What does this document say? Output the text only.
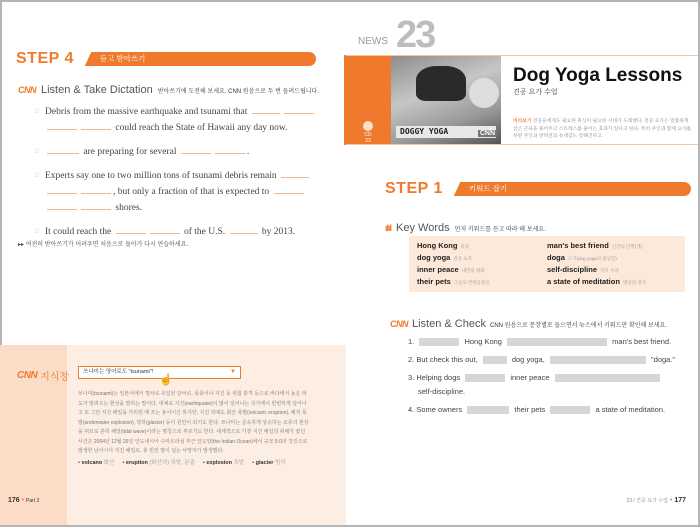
STEP 4	듣고 받아쓰기
CNN Listen & Take Dictation 받아쓰기에 도전해 보세요. CNN 원음으로 두 번 들려드립니다.
□ Debris from the massive earthquake and tsunami that
could reach the State of Hawaii any day now.
□ are preparing for several	.
□ Experts say one to two million tons of tsunami debris remain
, but only a fraction of that is expected to
shores.
□ It could reach the	of the U.S.	by 2013.
▸▸ 여전히 받아쓰기가 어려우면 처음으로 돌아가 다시 연습하세요.
CNN 지식창	쓰나미는 영어로도 "tsunami"!	▼
☝
쓰나미(tsunami)는 일본어에서 명사로 유입된 단어로, 폭풍이나 지진 등 위험 충격 등으로 바다에서 높은 파도가 밀려오는 현상을 말하는 말이다. 대체로 지진(earthquake)이 많이 일어나는 국가에서 빈번하게 일어나고 또 그런 지진 해일을 가리킬 때 쓰는 용어이긴 하지만, 지진 외에도 화산 폭발(volcanic eruption), 해저 폭발(underwater explosion), 빙하(glacier) 등이 원인이 되기도 한다. 쓰나미는 급속하게 상승하는 조류의 현상을 띠므로 흔히 해일(tidal wave)이라는 명칭으로 부르기도 한다. 세계적으로 가장 지진 해일의 피해가 컸던 사건은 2004년 12월 26일 인도네시아 수마트라섬 부근 인도양(the Indian Ocean)에서 규모 9.0의 강진으로 발생한 남아시아 지진 해일로, 총 빈민 명이 넘는 사망자가 발생했다.
• volcano 화산 • eruption (화산의) 폭발, 분출 • explosion 폭발 • glacier 빙하
176 • Part 2
NEWS 23
CD 23
DOGGY YOGA	CNN
Dog Yoga Lessons
견공 요가 수업
미리보기 견공들에게도 필요한 휴식이 필요한 시대가 도래했다. 견공 요가는 맞춤하게 굳은 근육을 풀어주고 스트레스를 줄이는 효과가 있다고 한다. 특히 주인과 함께 요가를 하면 주인과 반려견의 유대감도 강해진다고.
STEP 1	키워드 잡기
ılıl Key Words 먼저 키워드를 듣고 따라 해 보세요.
Hong Kong 홍콩	man's best friend 인간의 단짝(개)
dog yoga 견공 요가	doga 도가(dog yoga의 줄임말)
inner peace 내면의 평화	self-discipline 자기 수양
their pets 그들의 반려동물들	a state of meditation 명상의 경지
CNN Listen & Check CNN 원음으로 문장별로 들으면서 뉴스에서 키워드만 확인해 보세요.
1.	Hong Kong	man's best friend.
2. But check this out,	dog yoga,	"doga."
3. Helping dogs	inner peace
self-discipline.
4. Some owners	their pets	a state of meditation.
23 / 견공 요가 수업 • 177
